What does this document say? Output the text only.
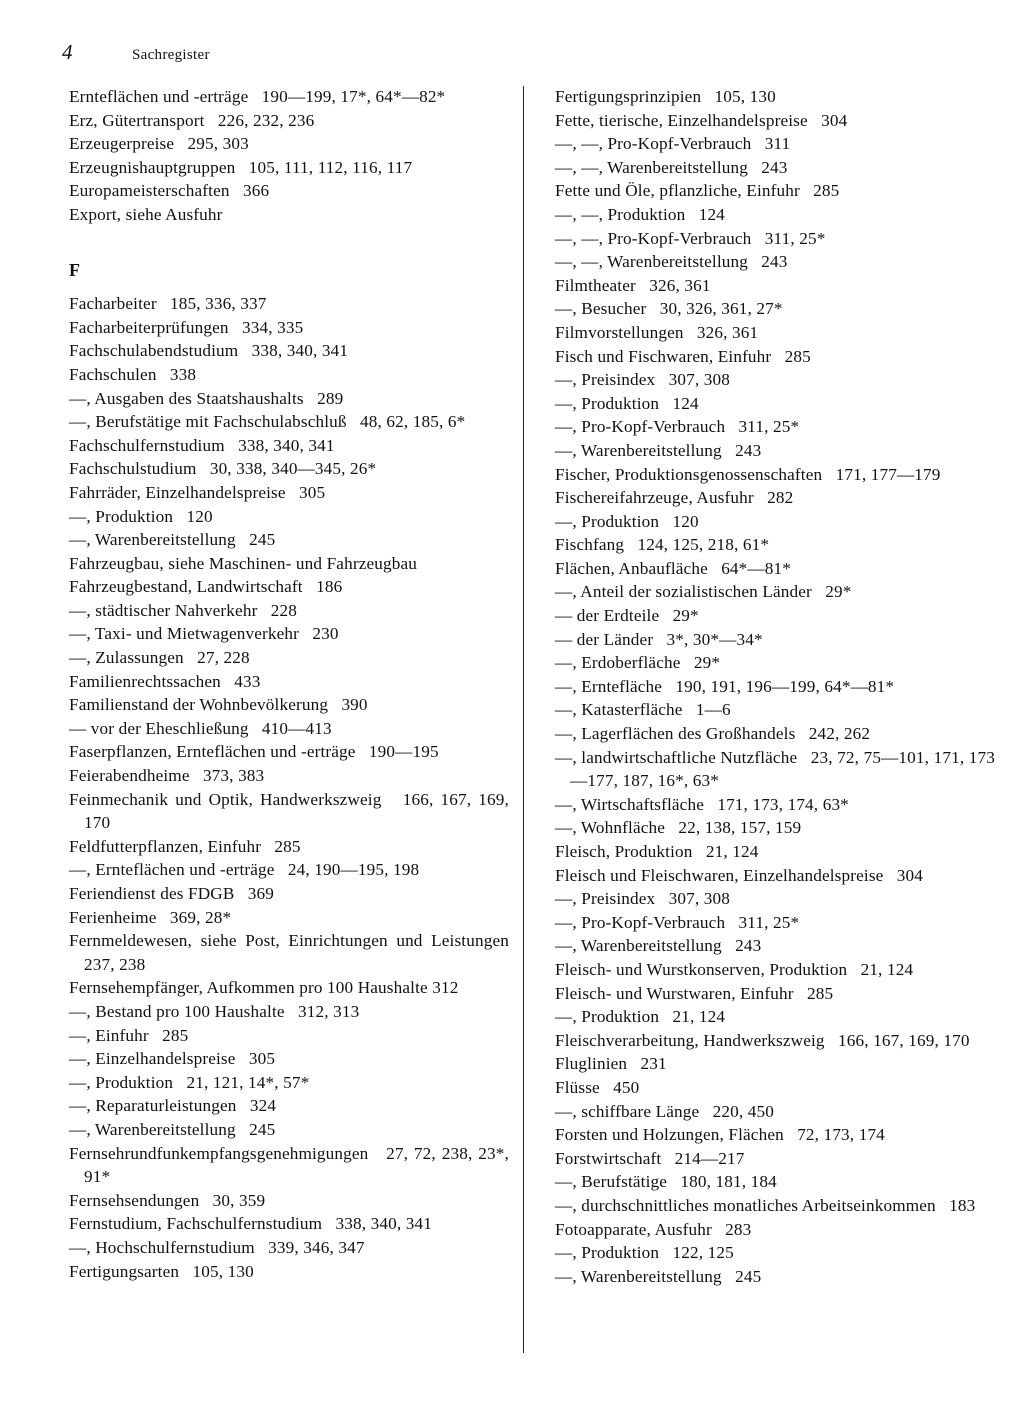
4	Sachregister
Ernteflächen und -erträge   190—199, 17*, 64*—82*
Erz, Gütertransport   226, 232, 236
Erzeugerpreise   295, 303
Erzeugnishauptgruppen   105, 111, 112, 116, 117
Europameisterschaften   366
Export, siehe Ausfuhr
F
Facharbeiter   185, 336, 337
Facharbeiterprüfungen   334, 335
Fachschulabendstudium   338, 340, 341
Fachschulen   338
—, Ausgaben des Staatshaushalts   289
—, Berufstätige mit Fachschulabschluß   48, 62, 185, 6*
Fachschulfernstudium   338, 340, 341
Fachschulstudium   30, 338, 340—345, 26*
Fahrräder, Einzelhandelspreise   305
—, Produktion   120
—, Warenbereitstellung   245
Fahrzeugbau, siehe Maschinen- und Fahrzeugbau
Fahrzeugbestand, Landwirtschaft   186
—, städtischer Nahverkehr   228
—, Taxi- und Mietwagenverkehr   230
—, Zulassungen   27, 228
Familienrechtssachen   433
Familienstand der Wohnbevölkerung   390
— vor der Eheschließung   410—413
Faserpflanzen, Ernteflächen und -erträge   190—195
Feierabendheime   373, 383
Feinmechanik und Optik, Handwerkszweig   166, 167, 169, 170
Feldfutterpflanzen, Einfuhr   285
—, Ernteflächen und -erträge   24, 190—195, 198
Feriendienst des FDGB   369
Ferienheime   369, 28*
Fernmeldewesen, siehe Post, Einrichtungen und Leistungen   237, 238
Fernsehempfänger, Aufkommen pro 100 Haushalte 312
—, Bestand pro 100 Haushalte   312, 313
—, Einfuhr   285
—, Einzelhandelspreise   305
—, Produktion   21, 121, 14*, 57*
—, Reparaturleistungen   324
—, Warenbereitstellung   245
Fernsehrundfunkempfangsgenehmigungen   27, 72, 238, 23*, 91*
Fernsehsendungen   30, 359
Fernstudium, Fachschulfernstudium   338, 340, 341
—, Hochschulfernstudium   339, 346, 347
Fertigungsarten   105, 130
Fertigungsprinzipien   105, 130
Fette, tierische, Einzelhandelspreise   304
—, —, Pro-Kopf-Verbrauch   311
—, —, Warenbereitstellung   243
Fette und Öle, pflanzliche, Einfuhr   285
—, —, Produktion   124
—, —, Pro-Kopf-Verbrauch   311, 25*
—, —, Warenbereitstellung   243
Filmtheater   326, 361
—, Besucher   30, 326, 361, 27*
Filmvorstellungen   326, 361
Fisch und Fischwaren, Einfuhr   285
—, Preisindex   307, 308
—, Produktion   124
—, Pro-Kopf-Verbrauch   311, 25*
—, Warenbereitstellung   243
Fischer, Produktionsgenossenschaften   171, 177—179
Fischereifahrzeuge, Ausfuhr   282
—, Produktion   120
Fischfang   124, 125, 218, 61*
Flächen, Anbaufläche   64*—81*
—, Anteil der sozialistischen Länder   29*
— der Erdteile   29*
— der Länder   3*, 30*—34*
—, Erdoberfläche   29*
—, Erntefläche   190, 191, 196—199, 64*—81*
—, Katasterfläche   1—6
—, Lagerflächen des Großhandels   242, 262
—, landwirtschaftliche Nutzfläche   23, 72, 75—101, 171, 173—177, 187, 16*, 63*
—, Wirtschaftsfläche   171, 173, 174, 63*
—, Wohnfläche   22, 138, 157, 159
Fleisch, Produktion   21, 124
Fleisch und Fleischwaren, Einzelhandelspreise   304
—, Preisindex   307, 308
—, Pro-Kopf-Verbrauch   311, 25*
—, Warenbereitstellung   243
Fleisch- und Wurstkonserven, Produktion   21, 124
Fleisch- und Wurstwaren, Einfuhr   285
—, Produktion   21, 124
Fleischverarbeitung, Handwerkszweig   166, 167, 169, 170
Fluglinien   231
Flüsse   450
—, schiffbare Länge   220, 450
Forsten und Holzungen, Flächen   72, 173, 174
Forstwirtschaft   214—217
—, Berufstätige   180, 181, 184
—, durchschnittliches monatliches Arbeitseinkommen   183
Fotoapparate, Ausfuhr   283
—, Produktion   122, 125
—, Warenbereitstellung   245
